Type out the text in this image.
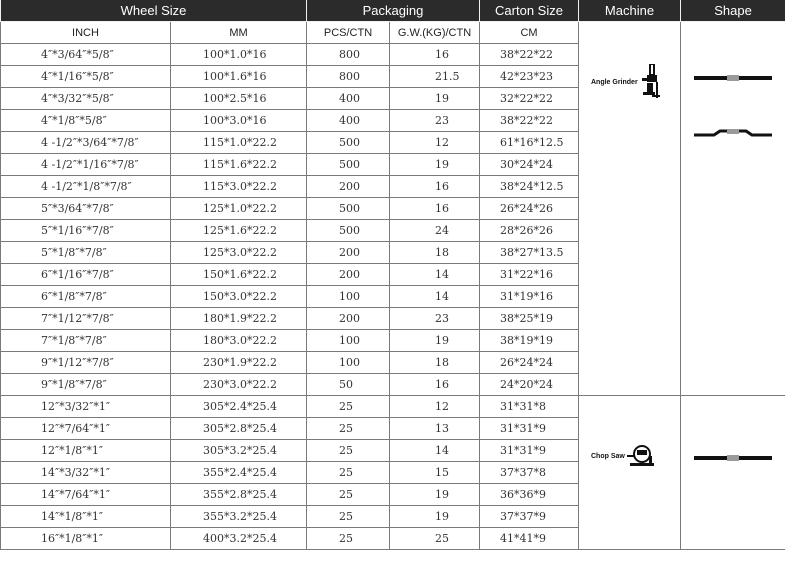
Wheel Size		Packaging		Carton Size	Machine	Shape
INCH	MM	PCS/CTN	G.W.(KG)/CTN	CM	Angle Grinder

4″*3/64″*5/8″	100*1.0*16	800	16	38*22*22		
4″*1/16″*5/8″	100*1.6*16	800	21.5	42*23*23		
4″*3/32″*5/8″	100*2.5*16	400	19	32*22*22		
4″*1/8″*5/8″	100*3.0*16	400	23	38*22*22		
4 -1/2″*3/64″*7/8″	115*1.0*22.2	500	12	61*16*12.5		
4 -1/2″*1/16″*7/8″	115*1.6*22.2	500	19	30*24*24		
4 -1/2″*1/8″*7/8″	115*3.0*22.2	200	16	38*24*12.5		
5″*3/64″*7/8″	125*1.0*22.2	500	16	26*24*26		
5″*1/16″*7/8″	125*1.6*22.2	500	24	28*26*26		
5″*1/8″*7/8″	125*3.0*22.2	200	18	38*27*13.5		
6″*1/16″*7/8″	150*1.6*22.2	200	14	31*22*16		
6″*1/8″*7/8″	150*3.0*22.2	100	14	31*19*16		
7″*1/12″*7/8″	180*1.9*22.2	200	23	38*25*19		
7″*1/8″*7/8″	180*3.0*22.2	100	19	38*19*19		
9″*1/12″*7/8″	230*1.9*22.2	100	18	26*24*24		
9″*1/8″*7/8″	230*3.0*22.2	50	16	24*20*24		
12″*3/32″*1″	305*2.4*25.4	25	12	31*31*8	Chop Saw

12″*7/64″*1″	305*2.8*25.4	25	13	31*31*9		
12″*1/8″*1″	305*3.2*25.4	25	14	31*31*9		
14″*3/32″*1″	355*2.4*25.4	25	15	37*37*8		
14″*7/64″*1″	355*2.8*25.4	25	19	36*36*9		
14″*1/8″*1″	355*3.2*25.4	25	19	37*37*9		
16″*1/8″*1″	400*3.2*25.4	25	25	41*41*9		
